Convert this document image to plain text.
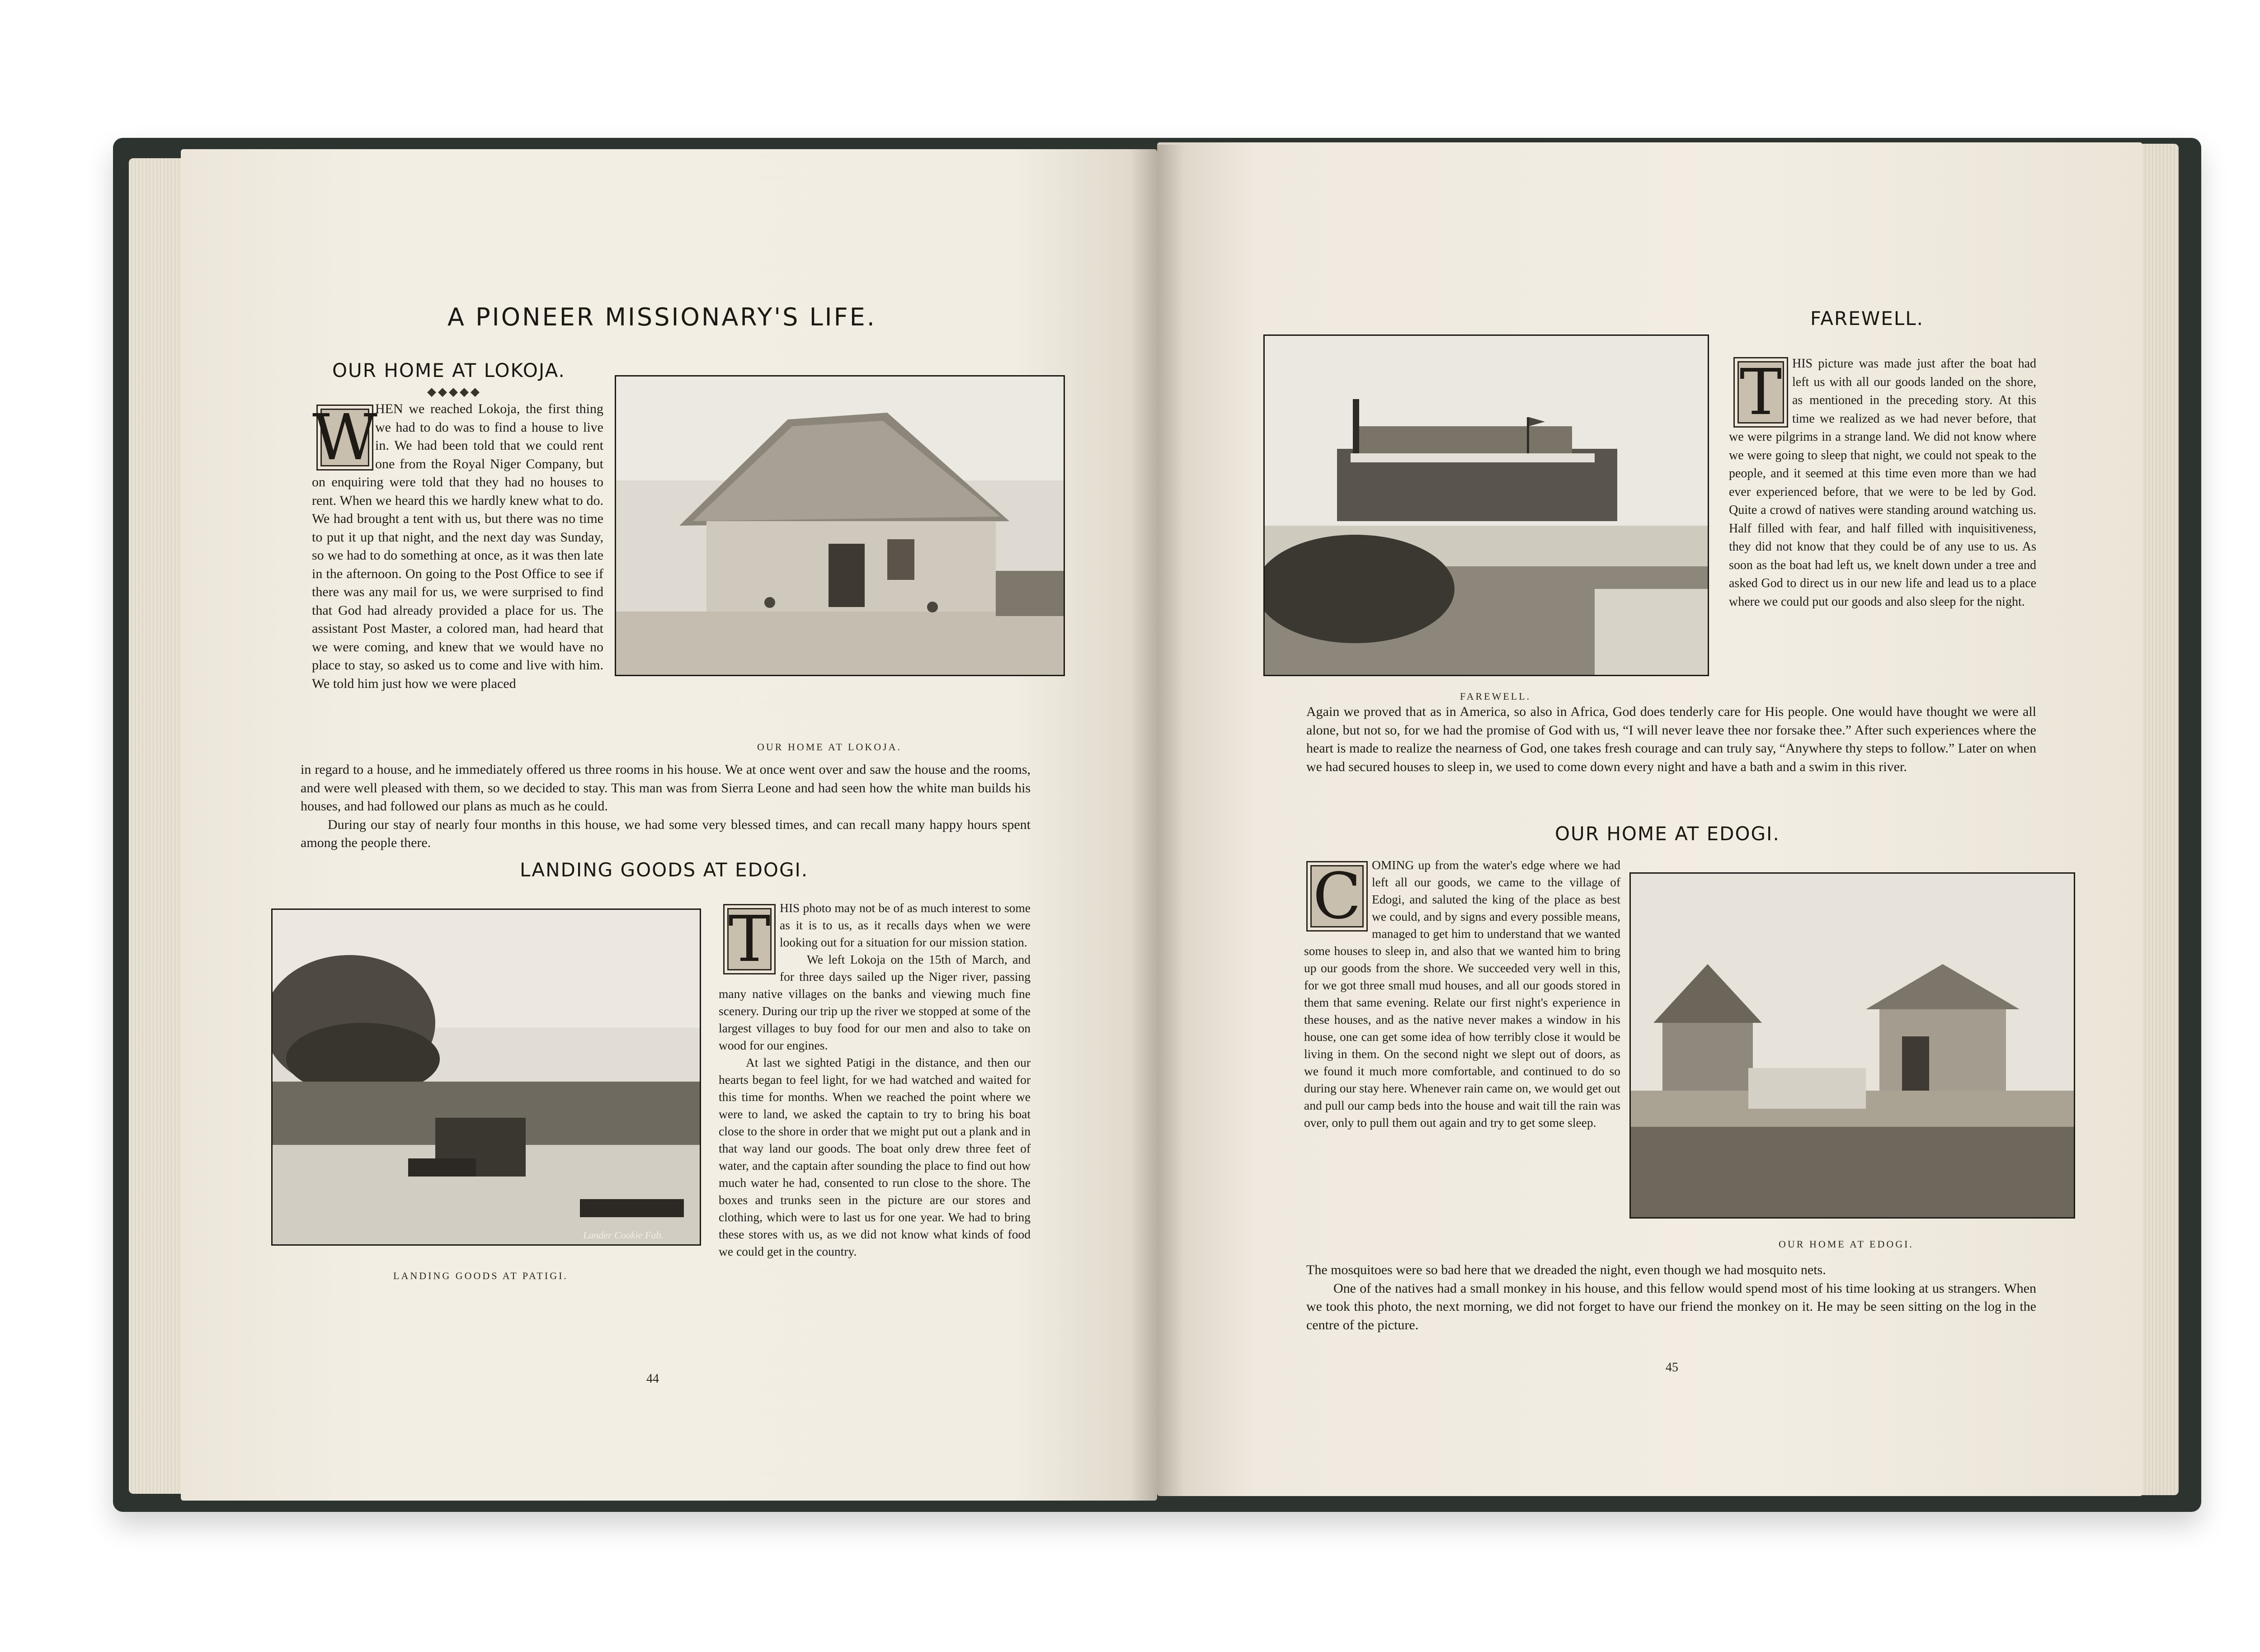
A PIONEER MISSIONARY'S LIFE.
OUR HOME AT LOKOJA.
◆◆◆◆◆
W
HEN we reached Lokoja, the first thing we had to do was to find a house to live in. We had been told that we could rent one from the Royal Niger Company, but on enquiring were told that they had no houses to rent. When we heard this we hardly knew what to do. We had brought a tent with us, but there was no time to put it up that night, and the next day was Sunday, so we had to do something at once, as it was then late in the afternoon. On going to the Post Office to see if there was any mail for us, we were surprised to find that God had already provided a place for us. The assistant Post Master, a colored man, had heard that we were coming, and knew that we would have no place to stay, so asked us to come and live with him. We told him just how we were placed
OUR HOME AT LOKOJA.

in regard to a house, and he immediately offered us three rooms in his house. We at once went over and saw the house and the rooms, and were well pleased with them, so we decided to stay. This man was from Sierra Leone and had seen how the white man builds his houses, and had followed our plans as much as he could.

During our stay of nearly four months in this house, we had some very blessed times, and can recall many happy hours spent among the people there.

LANDING GOODS AT EDOGI.
Lander Cookie Fab.
LANDING GOODS AT PATIGI.
T HIS photo may not be of as much interest to some as it is to us, as it recalls days when we were looking out for a situation for our mission station.

We left Lokoja on the 15th of March, and for three days sailed up the Niger river, passing many native villages on the banks and viewing much fine scenery. During our trip up the river we stopped at some of the largest villages to buy food for our men and also to take on wood for our engines.

At last we sighted Patigi in the distance, and then our hearts began to feel light, for we had watched and waited for this time for months. When we reached the point where we were to land, we asked the captain to try to bring his boat close to the shore in order that we might put out a plank and in that way land our goods. The boat only drew three feet of water, and the captain after sounding the place to find out how much water he had, consented to run close to the shore. The boxes and trunks seen in the picture are our stores and clothing, which were to last us for one year. We had to bring these stores with us, as we did not know what kinds of food we could get in the country.

44
FAREWELL.
FAREWELL.
T HIS picture was made just after the boat had left us with all our goods landed on the shore, as mentioned in the preceding story. At this time we realized as we had never before, that we were pilgrims in a strange land. We did not know where we were going to sleep that night, we could not speak to the people, and it seemed at this time even more than we had ever experienced before, that we were to be led by God. Quite a crowd of natives were standing around watching us. Half filled with fear, and half filled with inquisitiveness, they did not know that they could be of any use to us. As soon as the boat had left us, we knelt down under a tree and asked God to direct us in our new life and lead us to a place where we could put our goods and also sleep for the night.
Again we proved that as in America, so also in Africa, God does tenderly care for His people. One would have thought we were all alone, but not so, for we had the promise of God with us, “I will never leave thee nor forsake thee.” After such experiences where the heart is made to realize the nearness of God, one takes fresh courage and can truly say, “Anywhere thy steps to follow.” Later on when we had secured houses to sleep in, we used to come down every night and have a bath and a swim in this river.
OUR HOME AT EDOGI.
C OMING up from the water's edge where we had left all our goods, we came to the village of Edogi, and saluted the king of the place as best we could, and by signs and every possible means, managed to get him to understand that we wanted some houses to sleep in, and also that we wanted him to bring up our goods from the shore. We succeeded very well in this, for we got three small mud houses, and all our goods stored in them that same evening. Relate our first night's experience in these houses, and as the native never makes a window in his house, one can get some idea of how terribly close it would be living in them. On the second night we slept out of doors, as we found it much more comfortable, and continued to do so during our stay here. Whenever rain came on, we would get out and pull our camp beds into the house and wait till the rain was over, only to pull them out again and try to get some sleep.
OUR HOME AT EDOGI.

The mosquitoes were so bad here that we dreaded the night, even though we had mosquito nets.

One of the natives had a small monkey in his house, and this fellow would spend most of his time looking at us strangers. When we took this photo, the next morning, we did not forget to have our friend the monkey on it. He may be seen sitting on the log in the centre of the picture.

45
